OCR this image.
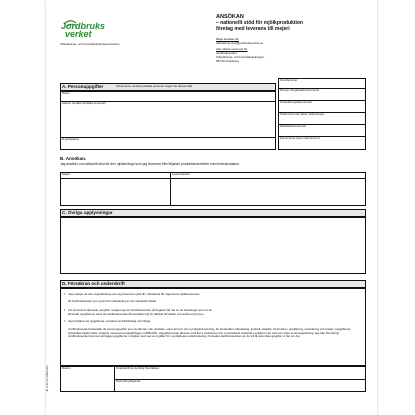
Jordbruks
verket
Utbetalnings- och kontrollavdelningen/enheten
ANSÖKAN
– nationellt stöd för mjölkproduktion
företag med leverans till mejeri
Mejla ansökan till:
utbetalning.stod@jordbruksverket.se
eller skicka med post till:
Jordbruksverket
Utbetalnings- och kontrollavdelningen
551 82 Jönköping
Kundnummer
Person-/Organisationsnummer
Produktionsplatsnummer
Telefonnummer (även riktnummer)
Mobiltelefonnummer
Faxnummer (även riktnummer)
A. Personuppgifter	(Observera, endast juridiska personer anger sitt adress fält)
Namn
Adress (endast juridiska personer)
E-postadress
B. Ansökan.
Jag ansöker om nationellt stöd för den mjölkmängd som jag levererar från följande produktionsenheter med leveransdatum.
Mejeri	Leverantörsnr
C. Övriga upplysningar
D. Försäkran och underskrift
• Jag medger att den mejeriföretag som jag levererar mjölk till, månadsvis får rapportera mjölkleveranser
till Jordbruksverket som grund för utbetalning av det nationella stödet.
• För kontroll av lämnade uppgifter medger jag att Jordbruksverket på begäran får del av de handlingar som rör de
lämnade uppgifterna, samt att Jordbruksverket får kontakta mig för tillträde till lokaler och andra utrymmen.
• Jag försäkrar att uppgifterna i ansökan är fullständiga och riktiga.
Jordbruksverket behandlar de personuppgifter som du lämnar i din ansökan, samt att led i vår myndighetsutövning, för ändamålen utbetalning, kontroll, statistik, information, uppföljning, utvärdering och analys. Uppgifterna behandlas elektroniskt i enlighet med personuppgiftslagen (1998:204). Uppgifterna kan lämnas ut till EU:s institutioner för motsvarande ändamål i enlighet med vad som följer av EU-lagstiftning, lag eller förordning. Jordbruksverket kommer att lägga uppgifterna i enlighet med vad som gäller för myndigheters arkivhantering. Kontakta Jordbruksverket om du vill få veta vilka uppgifter vi har om dig.
Datum	Underskrift av behörig företrädare
Namnförtydligande
Jo 3:41 v1 (2014-11)
